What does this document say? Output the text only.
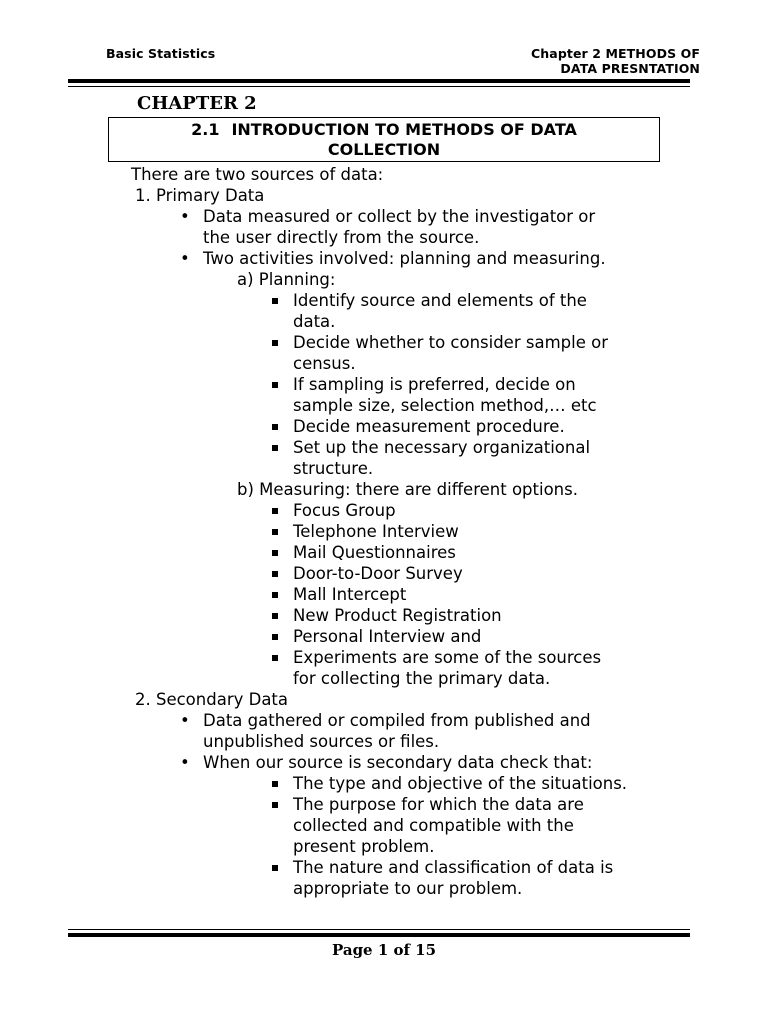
Basic Statistics	Chapter 2 METHODS OF
DATA PRESNTATION
CHAPTER 2
2.1 INTRODUCTION TO METHODS OF DATA
COLLECTION
There are two sources of data:
1. Primary Data
• Data measured or collect by the investigator or
the user directly from the source.
• Two activities involved: planning and measuring.
a) Planning:
Identify source and elements of the
data.
Decide whether to consider sample or
census.
If sampling is preferred, decide on
sample size, selection method,… etc
Decide measurement procedure.
Set up the necessary organizational
structure.
b) Measuring: there are different options.
Focus Group
Telephone Interview
Mail Questionnaires
Door-to-Door Survey
Mall Intercept
New Product Registration
Personal Interview and
Experiments are some of the sources
for collecting the primary data.
2. Secondary Data
• Data gathered or compiled from published and
unpublished sources or files.
• When our source is secondary data check that:
The type and objective of the situations.
The purpose for which the data are
collected and compatible with the
present problem.
The nature and classification of data is
appropriate to our problem.
Page 1 of 15
